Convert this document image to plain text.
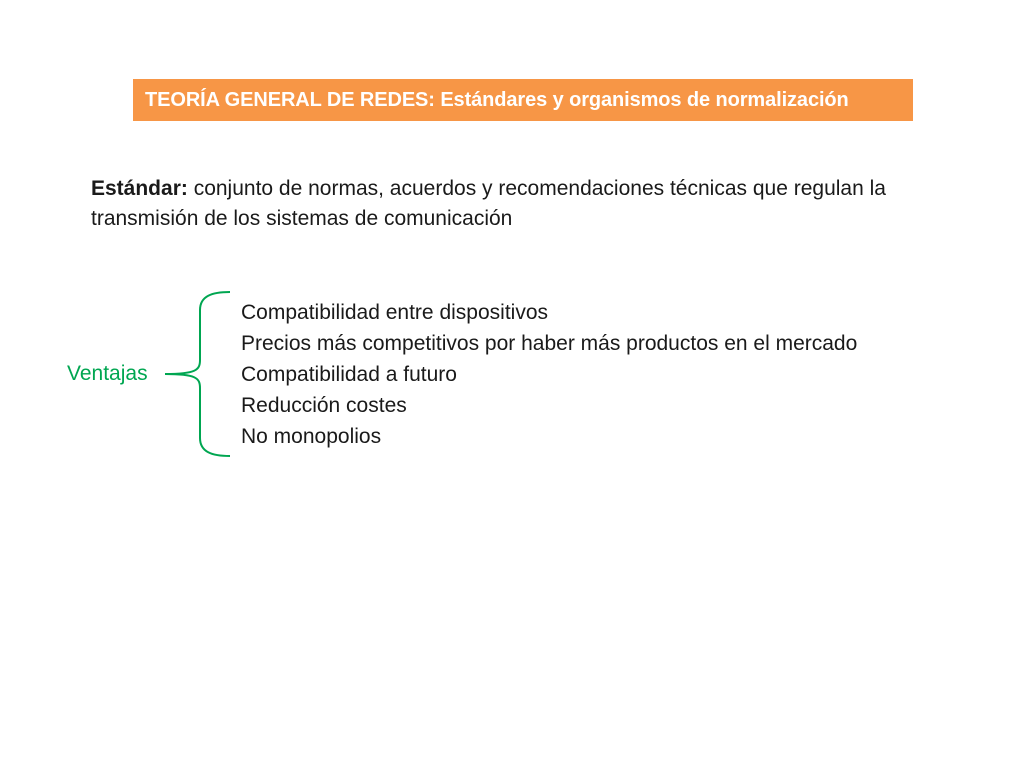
TEORÍA GENERAL DE REDES: Estándares y organismos de normalización
Estándar: conjunto de normas, acuerdos y recomendaciones técnicas que regulan la transmisión de los sistemas de comunicación
Ventajas
Compatibilidad entre dispositivos
Precios más competitivos por haber más productos en el mercado
Compatibilidad a futuro
Reducción costes
No monopolios
